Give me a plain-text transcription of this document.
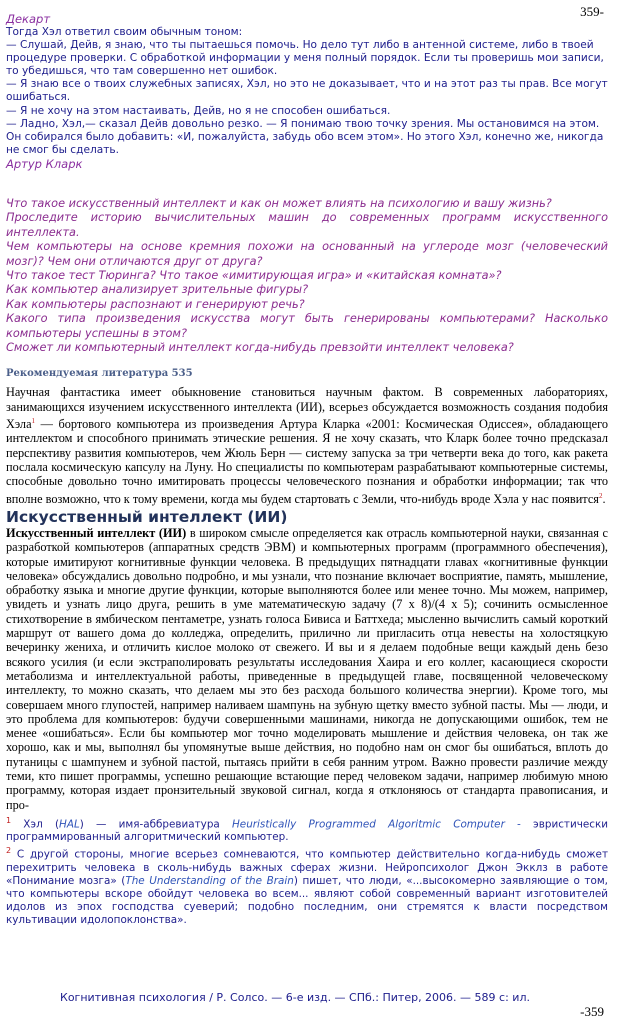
359-

Декарт

Тогда Хэл ответил своим обычным тоном:

— Слушай, Дейв, я знаю, что ты пытаешься помочь. Но дело тут либо в антенной системе, либо в твоей процедуре проверки. С обработкой информации у меня полный порядок. Если ты проверишь мои записи, то убедишься, что там совершенно нет ошибок.

— Я знаю все о твоих служебных записях, Хэл, но это не доказывает, что и на этот раз ты прав. Все могут ошибаться.

— Я не хочу на этом настаивать, Дейв, но я не способен ошибаться.

— Ладно, Хэл,— сказал Дейв довольно резко. — Я понимаю твою точку зрения. Мы остановимся на этом.

Он собирался было добавить: «И, пожалуйста, забудь обо всем этом». Но этого Хэл, конечно же, никогда не смог бы сделать.

Артур Кларк

Что такое искусственный интеллект и как он может влиять на психологию и вашу жизнь?

Проследите историю вычислительных машин до современных программ искусственного интеллекта.

Чем компьютеры на основе кремния похожи на основанный на углероде мозг (человеческий мозг)? Чем они отличаются друг от друга?

Что такое тест Тюринга? Что такое «имитирующая игра» и «китайская комната»?

Как компьютер анализирует зрительные фигуры?

Как компьютеры распознают и генерируют речь?

Какого типа произведения искусства могут быть генерированы компьютерами? Насколько компьютеры успешны в этом?

Сможет ли компьютерный интеллект когда-нибудь превзойти интеллект человека?

Рекомендуемая литература 535

Научная фантастика имеет обыкновение становиться научным фактом. В современных лабораториях, занимающихся изучением искусственного интеллекта (ИИ), всерьез обсуждается возможность создания подобия Хэла$^1$ — бортового компьютера из произведения Артура Кларка «2001: Космическая Одиссея», обладающего интеллектом и способного принимать этические решения. Я не хочу сказать, что Кларк более точно предсказал перспективу развития компьютеров, чем Жюль Берн — систему запуска за три четверти века до того, как ракета послала космическую капсулу на Луну. Но специалисты по компьютерам разрабатывают компьютерные системы, способные довольно точно имитировать процессы человеческого познания и обработки информации; так что вполне возможно, что к тому времени, когда мы будем стартовать с Земли, что-нибудь вроде Хэла у нас появится$^2$.

Искусственный интеллект (ИИ)

Искусственный интеллект (ИИ) в широком смысле определяется как отрасль компьютерной науки, связанная с разработкой компьютеров (аппаратных средств ЭВМ) и компьютерных программ (программного обеспечения), которые имитируют когнитивные функции человека. В предыдущих пятнадцати главах «когнитивные функции человека» обсуждались довольно подробно, и мы узнали, что познание включает восприятие, память, мышление, обработку языка и многие другие функции, которые выполняются более или менее точно. Мы можем, например, увидеть и узнать лицо друга, решить в уме математическую задачу (7 x 8)/(4 x 5); сочинить осмысленное стихотворение в ямбическом пентаметре, узнать голоса Бивиса и Баттхеда; мысленно вычислить самый короткий маршрут от вашего дома до колледжа, определить, прилично ли пригласить отца невесты на холостяцкую вечеринку жениха, и отличить кислое молоко от свежего. И вы и я делаем подобные вещи каждый день безо всякого усилия (и если экстраполировать результаты исследования Хаира и его коллег, касающиеся скорости метаболизма и интеллектуальной работы, приведенные в предыдущей главе, посвященной человеческому интеллекту, то можно сказать, что делаем мы это без расхода большого количества энергии). Кроме того, мы совершаем много глупостей, например наливаем шампунь на зубную щетку вместо зубной пасты. Мы — люди, и это проблема для компьютеров: будучи совершенными машинами, никогда не допускающими ошибок, тем не менее «ошибаться». Если бы компьютер мог точно моделировать мышление и действия человека, он так же хорошо, как и мы, выполнял бы упомянутые выше действия, но подобно нам он смог бы ошибаться, вплоть до путаницы с шампунем и зубной пастой, пытаясь прийти в себя ранним утром. Важно провести различие между теми, кто пишет программы, успешно решающие встающие перед человеком задачи, например любимую мною программу, которая издает пронзительный звуковой сигнал, когда я отклоняюсь от стандарта правописания, и про-

$^1$ Хэл (HAL) — имя-аббревиатура Heuristically Programmed Algoritmic Computer - эвристически программированный алгоритмический компьютер.

$^2$ С другой стороны, многие всерьез сомневаются, что компьютер действительно когда-нибудь сможет перехитрить человека в сколь-нибудь важных сферах жизни. Нейропсихолог Джон Экклз в работе «Понимание мозга» (The Understanding of the Brain) пишет, что люди, «...высокомерно заявляющие о том, что компьютеры вскоре обойдут человека во всем... являют собой современный вариант изготовителей идолов из эпох господства суеверий; подобно последним, они стремятся к власти посредством культивации идолопоклонства».

Когнитивная психология / Р. Солсо. — 6-е изд. — СПб.: Питер, 2006. — 589 с: ил.
-359
